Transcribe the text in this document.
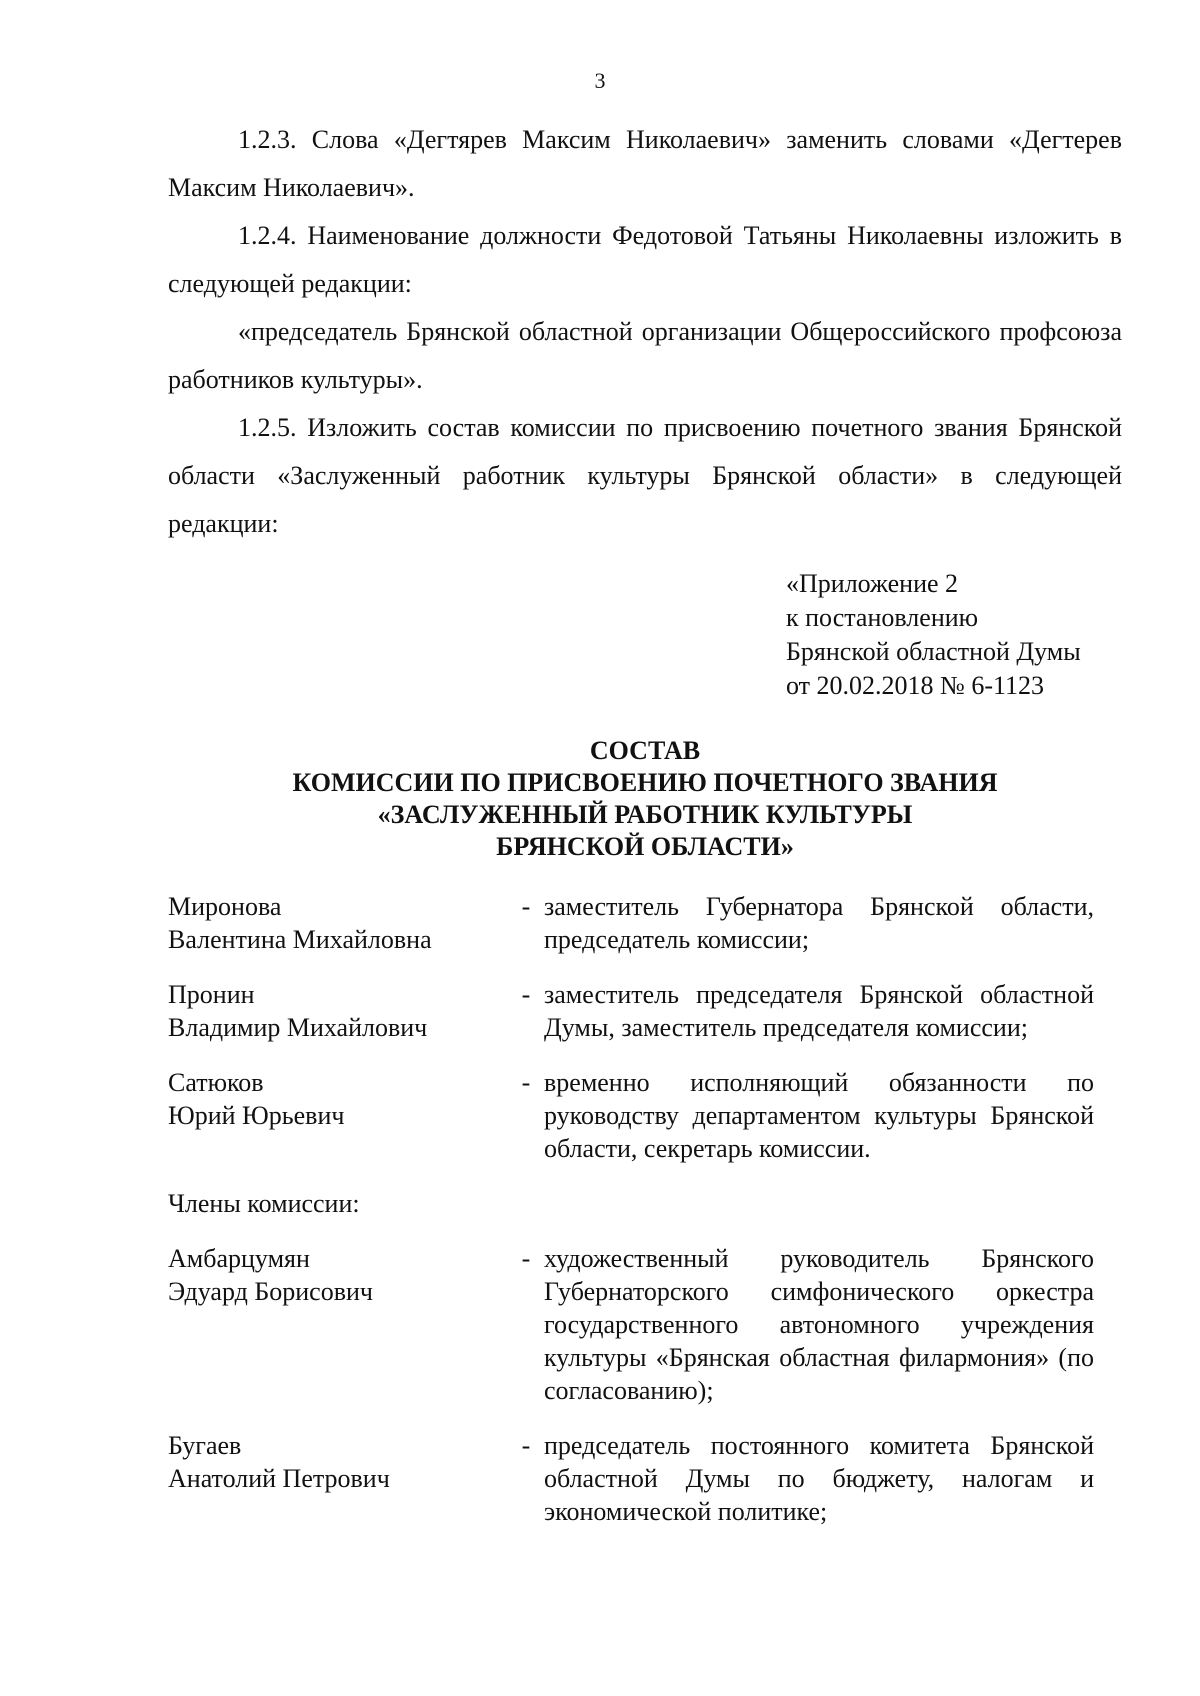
3

1.2.3. Слова «Дегтярев Максим Николаевич» заменить словами «Дегтерев Максим Николаевич».

1.2.4. Наименование должности Федотовой Татьяны Николаевны изложить в следующей редакции:

«председатель Брянской областной организации Общероссийского профсоюза работников культуры».

1.2.5. Изложить состав комиссии по присвоению почетного звания Брянской области «Заслуженный работник культуры Брянской области» в следующей редакции:

«Приложение 2
к постановлению
Брянской областной Думы
от 20.02.2018 № 6-1123
СОСТАВ
КОМИССИИ ПО ПРИСВОЕНИЮ ПОЧЕТНОГО ЗВАНИЯ
«ЗАСЛУЖЕННЫЙ РАБОТНИК КУЛЬТУРЫ
БРЯНСКОЙ ОБЛАСТИ»
Миронова
Валентина Михайловна
- заместитель Губернатора Брянской области, председатель комиссии;
Пронин
Владимир Михайлович
- заместитель председателя Брянской областной Думы, заместитель председателя комиссии;
Сатюков
Юрий Юрьевич
- временно исполняющий обязанности по руководству департаментом культуры Брянской области, секретарь комиссии.
Члены комиссии:
Амбарцумян
Эдуард Борисович
- художественный руководитель Брянского Губернаторского симфонического оркестра государственного автономного учреждения культуры «Брянская областная филармония» (по согласованию);
Бугаев
Анатолий Петрович
- председатель постоянного комитета Брянской областной Думы по бюджету, налогам и экономической политике;
